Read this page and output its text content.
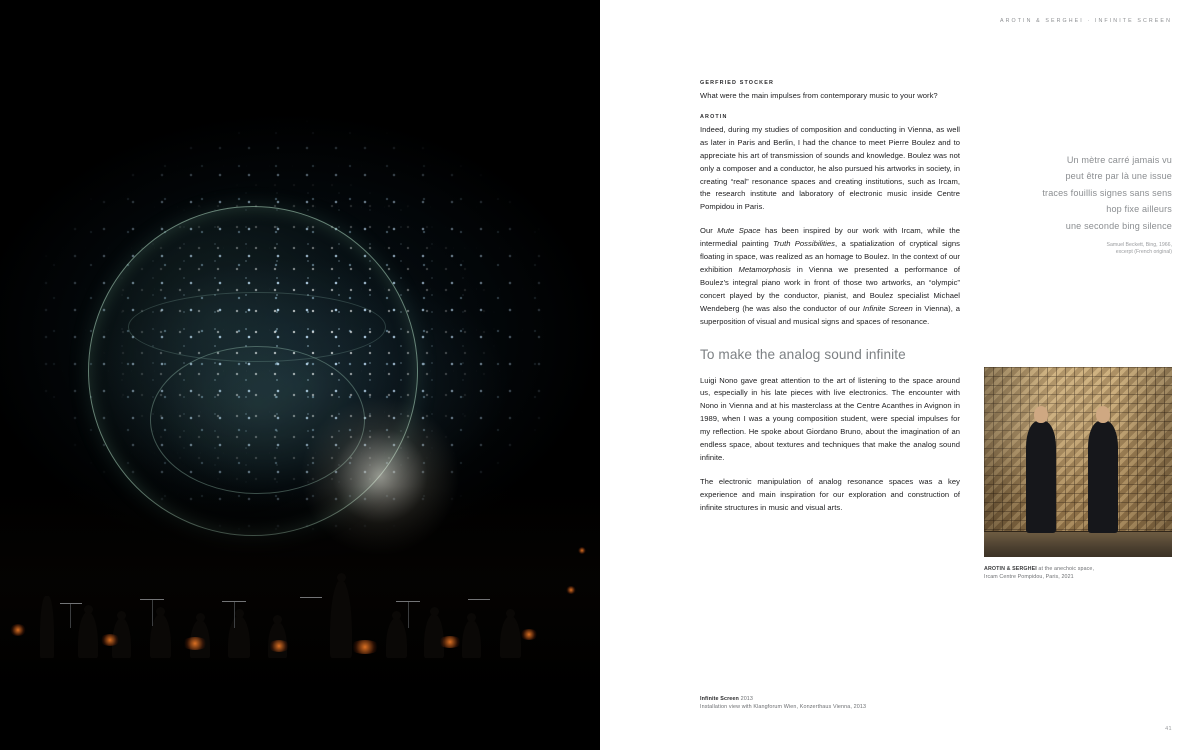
AROTIN & SERGHEI · INFINITE SCREEN
GERFRIED STOCKER

What were the main impulses from contemporary music to your work?

AROTIN

Indeed, during my studies of composition and conducting in Vienna, as well as later in Paris and Berlin, I had the chance to meet Pierre Boulez and to appreciate his art of transmission of sounds and knowledge. Boulez was not only a composer and a conductor, he also pursued his artworks in society, in creating “real” resonance spaces and creating institutions, such as Ircam, the research institute and laboratory of electronic music inside Centre Pompidou in Paris.

Our Mute Space has been inspired by our work with Ircam, while the intermedial painting Truth Possibilities, a spatialization of cryptical signs floating in space, was realized as an homage to Boulez. In the context of our exhibition Metamorphosis in Vienna we presented a performance of Boulez’s integral piano work in front of those two artworks, an “olympic” concert played by the conductor, pianist, and Boulez specialist Michael Wendeberg (he was also the conductor of our Infinite Screen in Vienna), a superposition of visual and musical signs and spaces of resonance.

To make the analog sound infinite

Luigi Nono gave great attention to the art of listening to the space around us, especially in his late pieces with live electronics. The encounter with Nono in Vienna and at his masterclass at the Centre Acanthes in Avignon in 1989, when I was a young composition student, were special impulses for my reflection. He spoke about Giordano Bruno, about the imagination of an endless space, about textures and techniques that make the analog sound infinite.

The electronic manipulation of analog resonance spaces was a key experience and main inspiration for our exploration and construction of infinite structures in music and visual arts.

Un mètre carré jamais vu
peut être par là une issue
traces fouillis signes sans sens
hop fixe ailleurs
une seconde bing silence
Samuel Beckett, Bing, 1966,
excerpt (French original)
AROTIN & SERGHEI at the anechoic space,
Ircam Centre Pompidou, Paris, 2021
Infinite Screen 2013
Installation view with Klangforum Wien, Konzerthaus Vienna, 2013
41
